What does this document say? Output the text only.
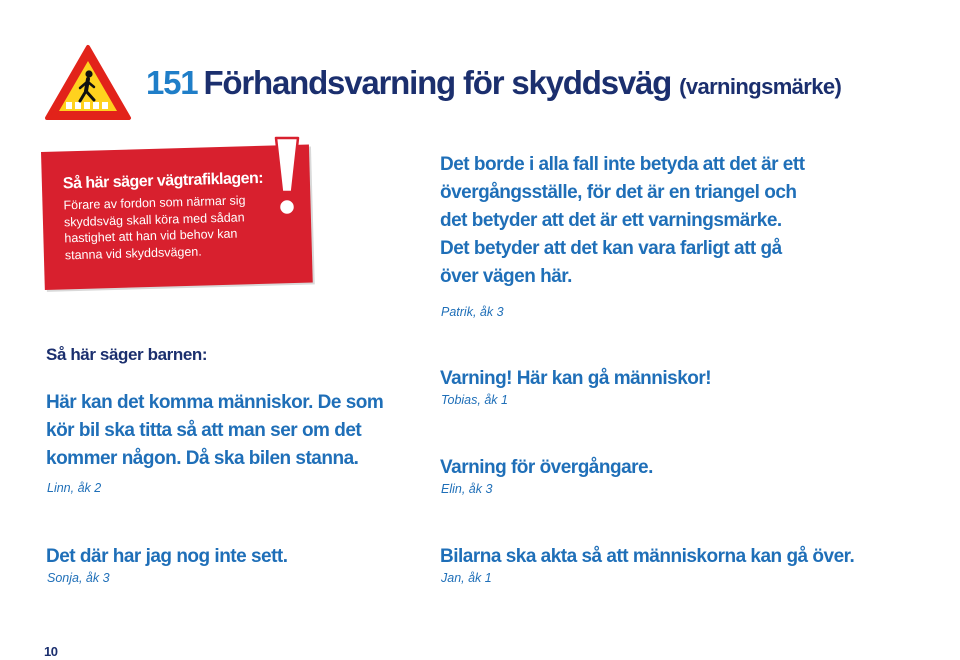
151 Förhandsvarning för skyddsväg (varningsmärke)
Så här säger vägtrafiklagen:
Förare av fordon som närmar sig skyddsväg skall köra med sådan hastighet att han vid behov kan stanna vid skyddsvägen.
Så här säger barnen:
Här kan det komma människor. De som kör bil ska titta så att man ser om det kommer någon. Då ska bilen stanna.
Linn, åk 2
Det där har jag nog inte sett.
Sonja, åk 3
Det borde i alla fall inte betyda att det är ett övergångsställe, för det är en triangel och det betyder att det är ett varningsmärke. Det betyder att det kan vara farligt att gå över vägen här.
Patrik, åk 3
Varning! Här kan gå människor!
Tobias, åk 1
Varning för övergångare.
Elin, åk 3
Bilarna ska akta så att människorna kan gå över.
Jan, åk 1
10
